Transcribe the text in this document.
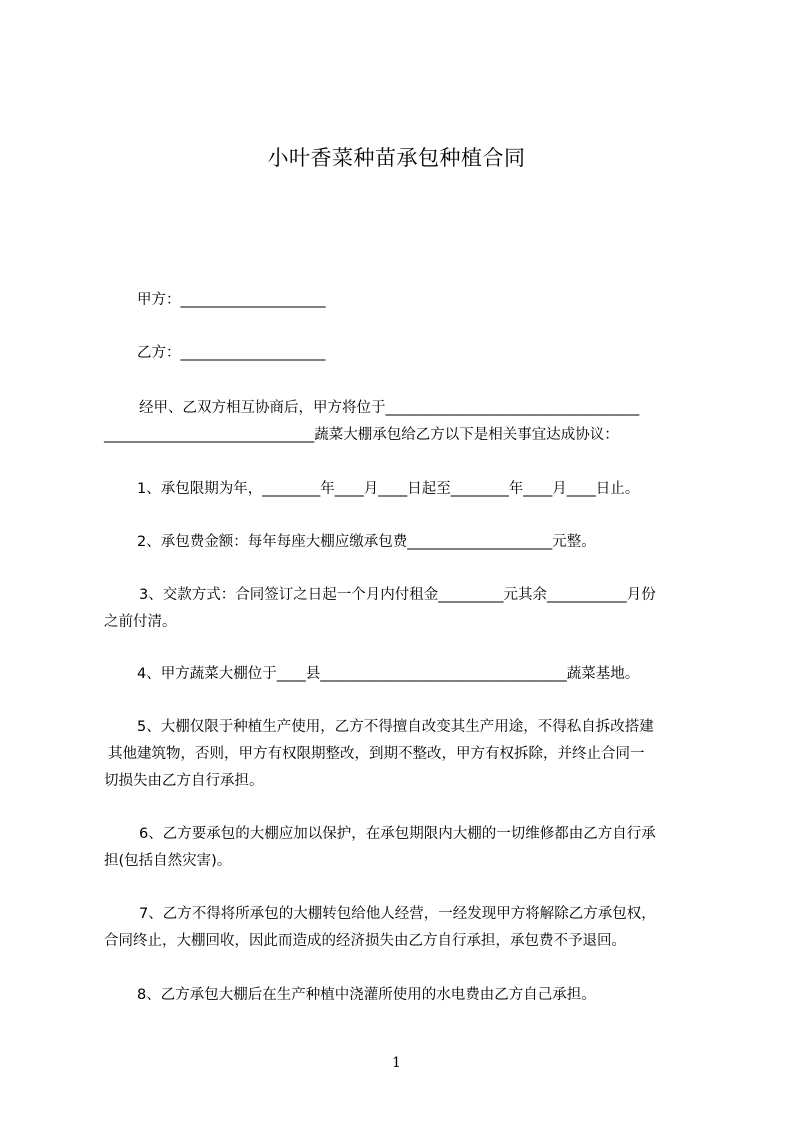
小叶香菜种苗承包种植合同
甲方：____________________
乙方：____________________
经甲、乙双方相互协商后，甲方将位于___________________________________
_____________________________蔬菜大棚承包给乙方以下是相关事宜达成协议：
1、承包限期为年，________年____月____日起至________年____月____日止。
2、承包费金额：每年每座大棚应缴承包费____________________元整。
3、交款方式：合同签订之日起一个月内付租金_________元其余___________月份
之前付清。
4、甲方蔬菜大棚位于____县__________________________________蔬菜基地。
5、大棚仅限于种植生产使用，乙方不得擅自改变其生产用途，不得私自拆改搭建
其他建筑物，否则，甲方有权限期整改，到期不整改，甲方有权拆除，并终止合同一
切损失由乙方自行承担。
6、乙方要承包的大棚应加以保护，在承包期限内大棚的一切维修都由乙方自行承
担(包括自然灾害)。
7、乙方不得将所承包的大棚转包给他人经营，一经发现甲方将解除乙方承包权，
合同终止，大棚回收，因此而造成的经济损失由乙方自行承担，承包费不予退回。
8、乙方承包大棚后在生产种植中浇灌所使用的水电费由乙方自己承担。
1
